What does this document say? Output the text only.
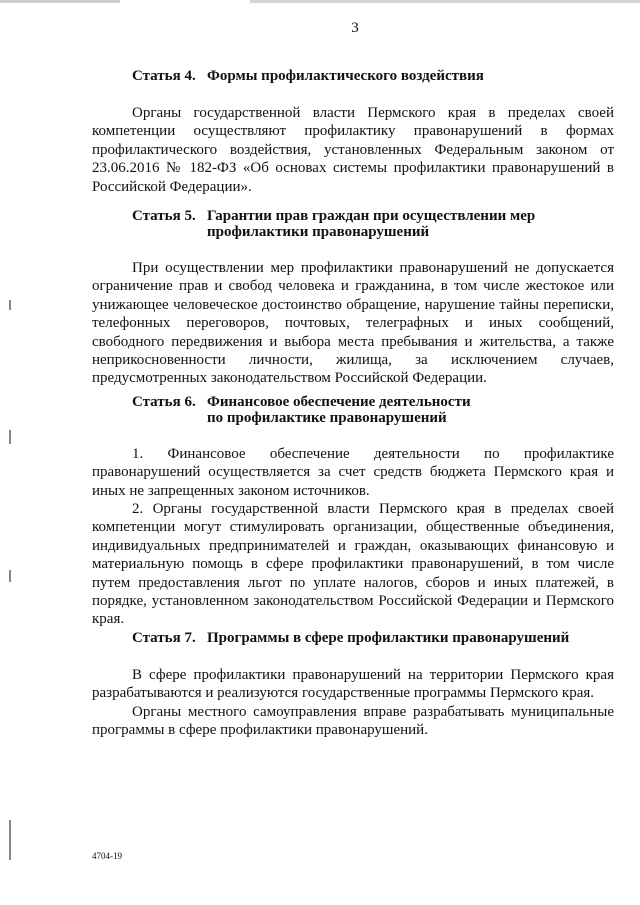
3
Статья 4. Формы профилактического воздействия

Органы государственной власти Пермского края в пределах своей компетенции осуществляют профилактику правонарушений в формах профилактического воздействия, установленных Федеральным законом от 23.06.2016 № 182-ФЗ «Об основах системы профилактики правонарушений в Российской Федерации».

Статья 5. Гарантии прав граждан при осуществлении мер
профилактики правонарушений

При осуществлении мер профилактики правонарушений не допускается ограничение прав и свобод человека и гражданина, в том числе жестокое или унижающее человеческое достоинство обращение, нарушение тайны переписки, телефонных переговоров, почтовых, телеграфных и иных сообщений, свободного передвижения и выбора места пребывания и жительства, а также неприкосновенности личности, жилища, за исключением случаев, предусмотренных законодательством Российской Федерации.

Статья 6. Финансовое обеспечение деятельности
по профилактике правонарушений

1. Финансовое обеспечение деятельности по профилактике правонарушений осуществляется за счет средств бюджета Пермского края и иных не запрещенных законом источников.

2. Органы государственной власти Пермского края в пределах своей компетенции могут стимулировать организации, общественные объединения, индивидуальных предпринимателей и граждан, оказывающих финансовую и материальную помощь в сфере профилактики правонарушений, в том числе путем предоставления льгот по уплате налогов, сборов и иных платежей, в порядке, установленном законодательством Российской Федерации и Пермского края.

Статья 7. Программы в сфере профилактики правонарушений

В сфере профилактики правонарушений на территории Пермского края разрабатываются и реализуются государственные программы Пермского края.

Органы местного самоуправления вправе разрабатывать муниципальные программы в сфере профилактики правонарушений.

4704-19
